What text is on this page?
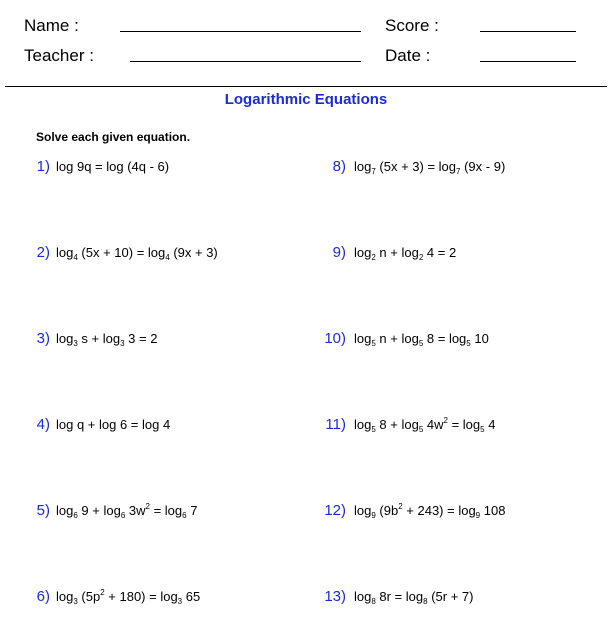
Name :	Score :
Teacher :	Date :
Logarithmic Equations
Solve each given equation.
1) log 9q = log (4q - 6)
2) $\log_4 (5x + 10) = \log_4 (9x + 3)$
3) $\log_3 s + \log_3 3 = 2$
4) log q + log 6 = log 4
5) $\log_6 9 + \log_6 3w^2 = \log_6 7$
6) $\log_3 (5p^2 + 180) = \log_3 65$
8) $\log_7 (5x + 3) = \log_7 (9x - 9)$
9) $\log_2 n + \log_2 4 = 2$
10) $\log_5 n + \log_5 8 = \log_5 10$
11) $\log_5 8 + \log_5 4w^2 = \log_5 4$
12) $\log_9 (9b^2 + 243) = \log_9 108$
13) $\log_8 8r = \log_8 (5r + 7)$
